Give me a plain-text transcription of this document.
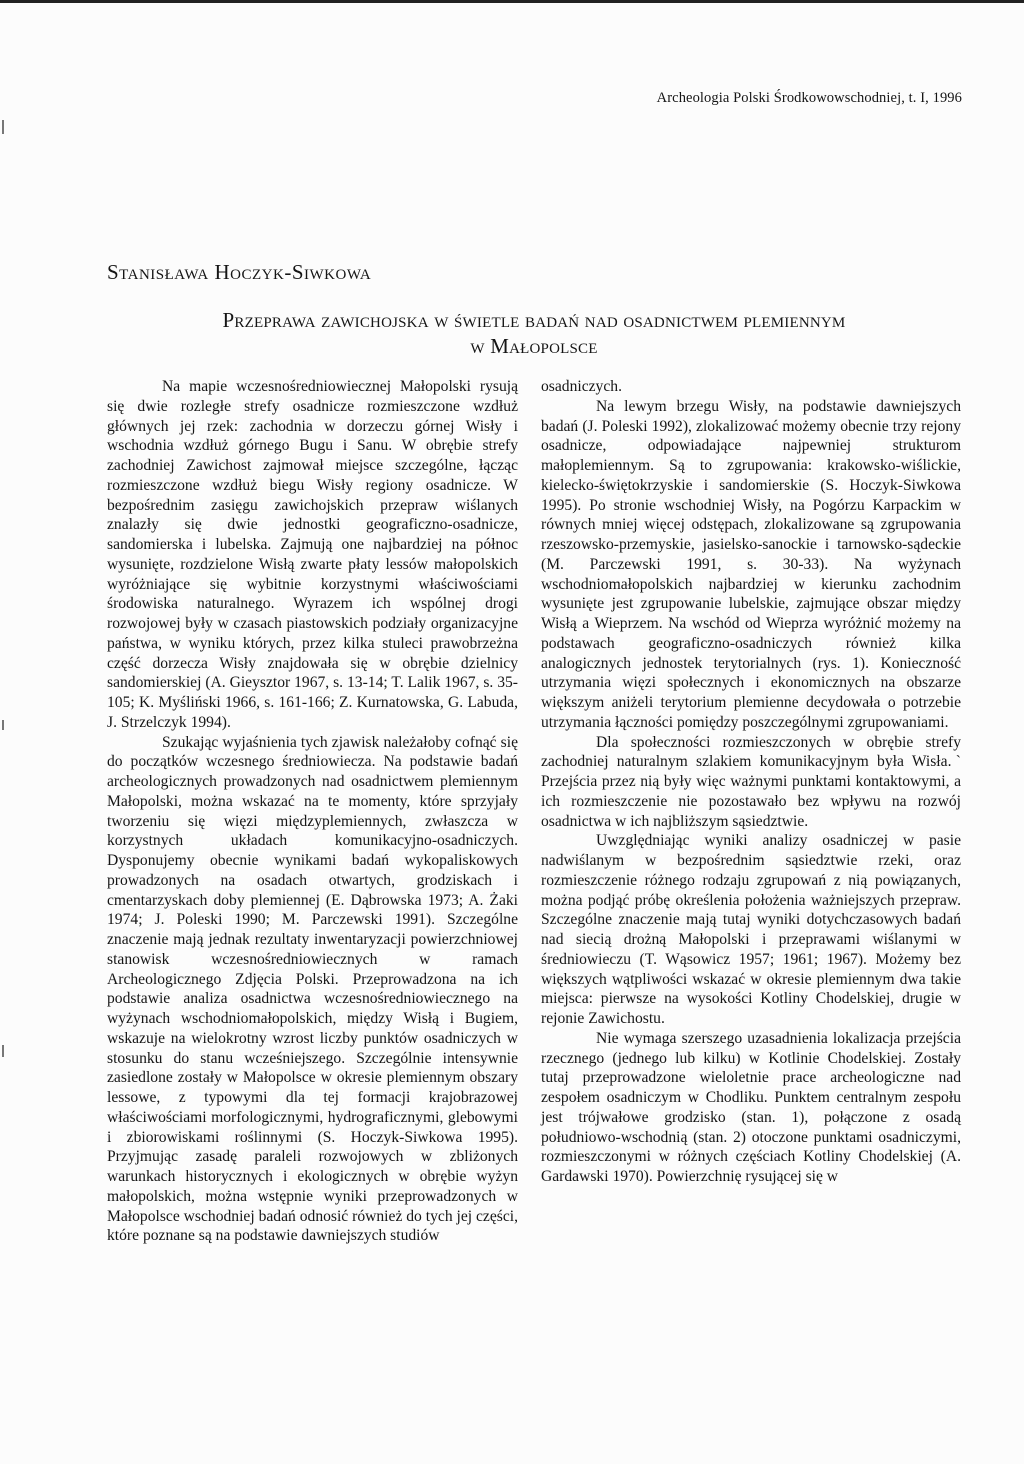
Archeologia Polski Środkowowschodniej, t. I, 1996
Stanisława Hoczyk-Siwkowa
Przeprawa zawichojska w świetle badań nad osadnictwem plemiennym
w Małopolsce

Na mapie wczesnośredniowiecznej Małopolski rysują się dwie rozległe strefy osadnicze rozmieszczone wzdłuż głównych jej rzek: zachodnia w dorzeczu górnej Wisły i wschodnia wzdłuż górnego Bugu i Sanu. W obrębie strefy zachodniej Zawichost zajmował miejsce szczególne, łącząc rozmieszczone wzdłuż biegu Wisły regiony osadnicze. W bezpośrednim zasięgu zawichojskich przepraw wiślanych znalazły się dwie jednostki geograficzno-osadnicze, sandomierska i lubelska. Zajmują one najbardziej na północ wysunięte, rozdzielone Wisłą zwarte płaty lessów małopolskich wyróżniające się wybitnie korzystnymi właściwościami środowiska naturalnego. Wyrazem ich wspólnej drogi rozwojowej były w czasach piastowskich podziały organizacyjne państwa, w wyniku których, przez kilka stuleci prawobrzeżna część dorzecza Wisły znajdowała się w obrębie dzielnicy sandomierskiej (A. Gieysztor 1967, s. 13-14; T. Lalik 1967, s. 35-105; K. Myśliński 1966, s. 161-166; Z. Kurnatowska, G. Labuda, J. Strzelczyk 1994).

Szukając wyjaśnienia tych zjawisk należałoby cofnąć się do początków wczesnego średniowiecza. Na podstawie badań archeologicznych prowadzonych nad osadnictwem plemiennym Małopolski, można wskazać na te momenty, które sprzyjały tworzeniu się więzi międzyplemiennych, zwłaszcza w korzystnych układach komunikacyjno-osadniczych. Dysponujemy obecnie wynikami badań wykopaliskowych prowadzonych na osadach otwartych, grodziskach i cmentarzyskach doby plemiennej (E. Dąbrowska 1973; A. Żaki 1974; J. Poleski 1990; M. Parczewski 1991). Szczególne znaczenie mają jednak rezultaty inwentaryzacji powierzchniowej stanowisk wczesnośredniowiecznych w ramach Archeologicznego Zdjęcia Polski. Przeprowadzona na ich podstawie analiza osadnictwa wczesnośredniowiecznego na wyżynach wschodniomałopolskich, między Wisłą i Bugiem, wskazuje na wielokrotny wzrost liczby punktów osadniczych w stosunku do stanu wcześniejszego. Szczególnie intensywnie zasiedlone zostały w Małopolsce w okresie plemiennym obszary lessowe, z typowymi dla tej formacji krajobrazowej właściwościami morfologicznymi, hydrograficznymi, glebowymi i zbiorowiskami roślinnymi (S. Hoczyk-Siwkowa 1995). Przyjmując zasadę paraleli rozwojowych w zbliżonych warunkach historycznych i ekologicznych w obrębie wyżyn małopolskich, można wstępnie wyniki przeprowadzonych w Małopolsce wschodniej badań odnosić również do tych jej części, które poznane są na podstawie dawniejszych studiów

osadniczych.

Na lewym brzegu Wisły, na podstawie dawniejszych badań (J. Poleski 1992), zlokalizować możemy obecnie trzy rejony osadnicze, odpowiadające najpewniej strukturom małoplemiennym. Są to zgrupowania: krakowsko-wiślickie, kielecko-świętokrzyskie i sandomierskie (S. Hoczyk-Siwkowa 1995). Po stronie wschodniej Wisły, na Pogórzu Karpackim w równych mniej więcej odstępach, zlokalizowane są zgrupowania rzeszowsko-przemyskie, jasielsko-sanockie i tarnowsko-sądeckie (M. Parczewski 1991, s. 30-33). Na wyżynach wschodniomałopolskich najbardziej w kierunku zachodnim wysunięte jest zgrupowanie lubelskie, zajmujące obszar między Wisłą a Wieprzem. Na wschód od Wieprza wyróżnić możemy na podstawach geograficzno-osadniczych również kilka analogicznych jednostek terytorialnych (rys. 1). Konieczność utrzymania więzi społecznych i ekonomicznych na obszarze większym aniżeli terytorium plemienne decydowała o potrzebie utrzymania łączności pomiędzy poszczególnymi zgrupowaniami.

Dla społeczności rozmieszczonych w obrębie strefy zachodniej naturalnym szlakiem komunikacyjnym była Wisła.ˋ Przejścia przez nią były więc ważnymi punktami kontaktowymi, a ich rozmieszczenie nie pozostawało bez wpływu na rozwój osadnictwa w ich najbliższym sąsiedztwie.

Uwzględniając wyniki analizy osadniczej w pasie nadwiślanym w bezpośrednim sąsiedztwie rzeki, oraz rozmieszczenie różnego rodzaju zgrupowań z nią powiązanych, można podjąć próbę określenia położenia ważniejszych przepraw. Szczególne znaczenie mają tutaj wyniki dotychczasowych badań nad siecią drożną Małopolski i przeprawami wiślanymi w średniowieczu (T. Wąsowicz 1957; 1961; 1967). Możemy bez większych wątpliwości wskazać w okresie plemiennym dwa takie miejsca: pierwsze na wysokości Kotliny Chodelskiej, drugie w rejonie Zawichostu.

Nie wymaga szerszego uzasadnienia lokalizacja przejścia rzecznego (jednego lub kilku) w Kotlinie Chodelskiej. Zostały tutaj przeprowadzone wieloletnie prace archeologiczne nad zespołem osadniczym w Chodliku. Punktem centralnym zespołu jest trójwałowe grodzisko (stan. 1), połączone z osadą południowo-wschodnią (stan. 2) otoczone punktami osadniczymi, rozmieszczonymi w różnych częściach Kotliny Chodelskiej (A. Gardawski 1970). Powierzchnię rysującej się w
